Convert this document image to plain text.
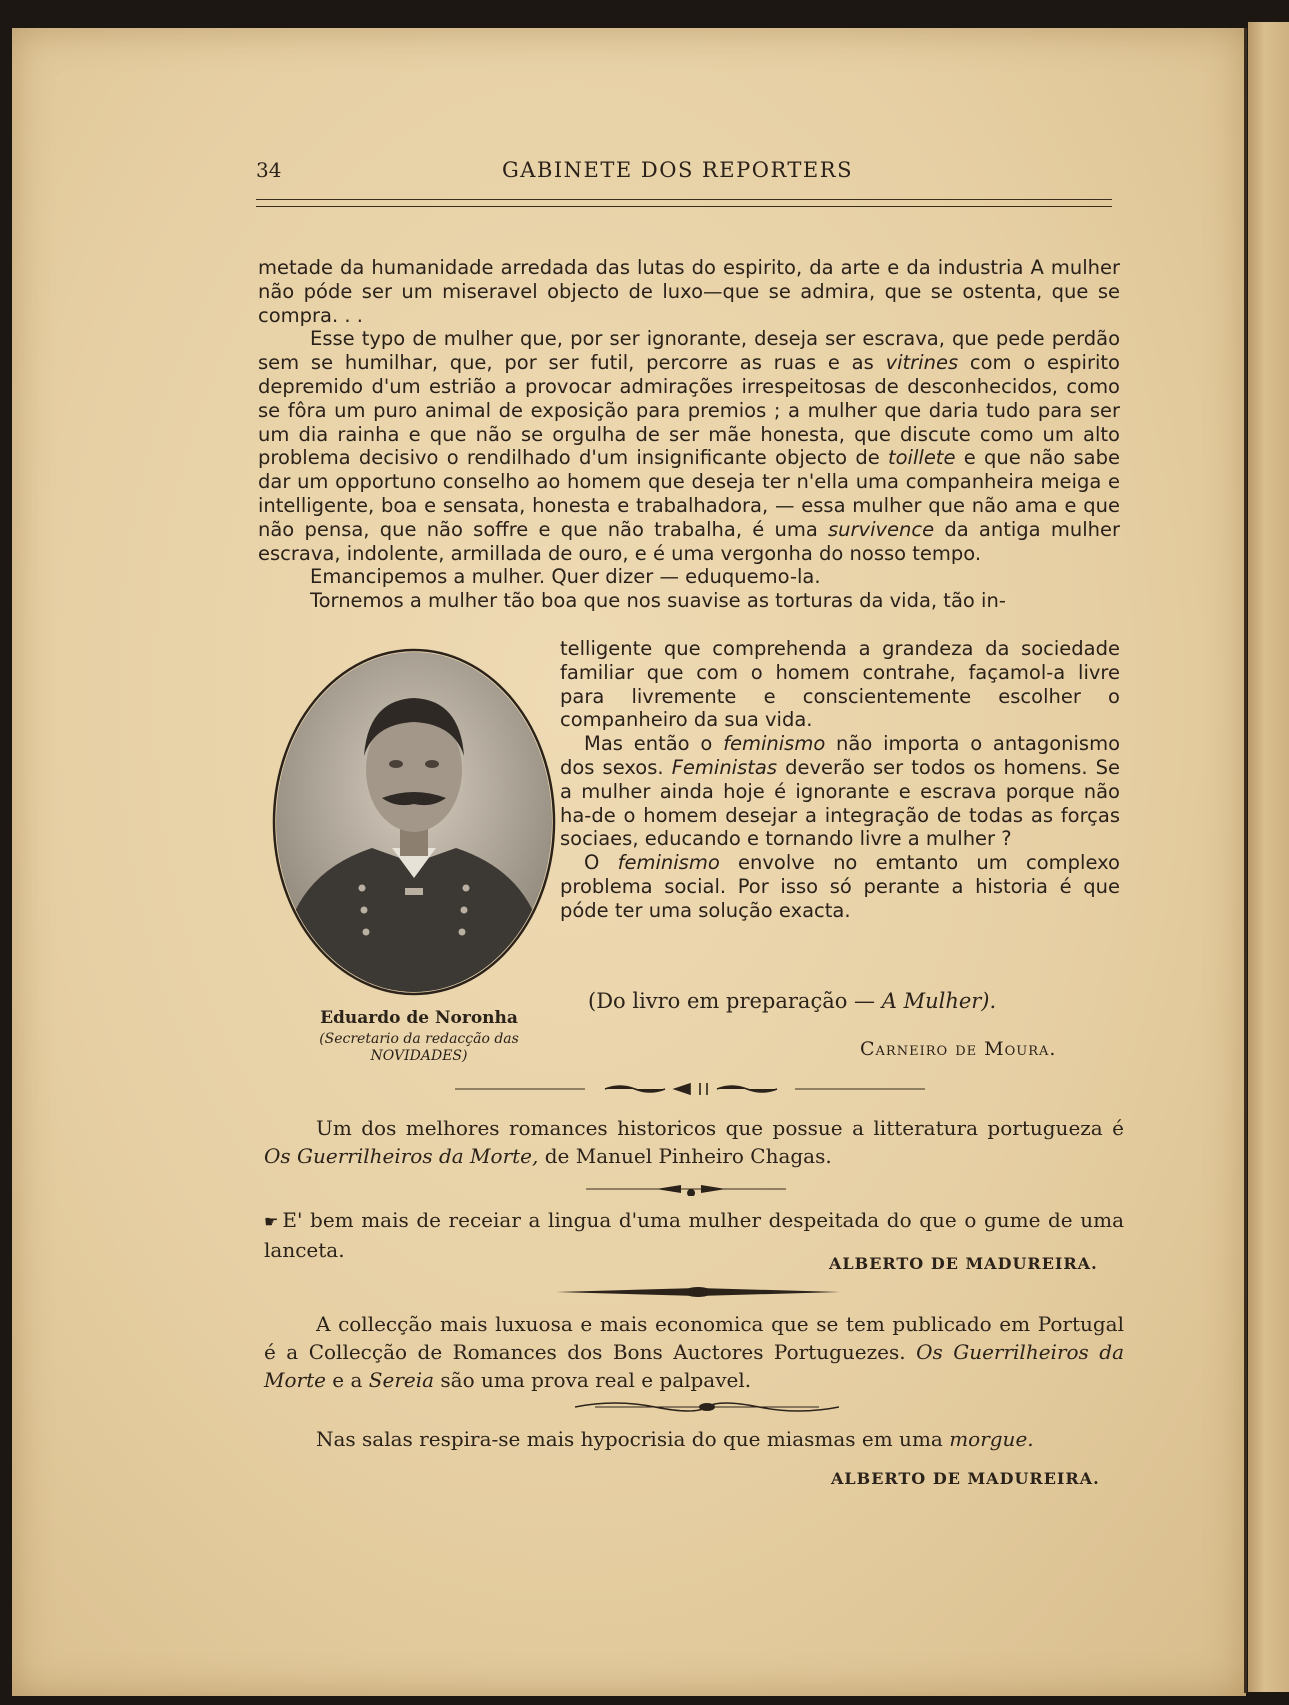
34	GABINETE DOS REPORTERS

metade da humanidade arredada das lutas do espirito, da arte e da industria A mulher não póde ser um miseravel objecto de luxo—que se admira, que se ostenta, que se compra. . .

Esse typo de mulher que, por ser ignorante, deseja ser escrava, que pede perdão sem se humilhar, que, por ser futil, percorre as ruas e as vitrines com o espirito depremido d'um estrião a provocar admirações irrespeitosas de desconhecidos, como se fôra um puro animal de exposição para premios ; a mulher que daria tudo para ser um dia rainha e que não se orgulha de ser mãe honesta, que discute como um alto problema decisivo o rendilhado d'um insignificante objecto de toillete e que não sabe dar um opportuno conselho ao homem que deseja ter n'ella uma companheira meiga e intelligente, boa e sensata, honesta e trabalhadora, — essa mulher que não ama e que não pensa, que não soffre e que não trabalha, é uma survivence da antiga mulher escrava, indolente, armillada de ouro, e é uma vergonha do nosso tempo.

Emancipemos a mulher. Quer dizer — eduquemo-la.

Tornemos a mulher tão boa que nos suavise as torturas da vida, tão in-

telligente que comprehenda a grandeza da sociedade familiar que com o homem contrahe, façamol-a livre para livremente e conscientemente escolher o companheiro da sua vida.

Mas então o feminismo não importa o antagonismo dos sexos. Feministas deverão ser todos os homens. Se a mulher ainda hoje é ignorante e escrava porque não ha-de o homem desejar a integração de todas as forças sociaes, educando e tornando livre a mulher ?

O feminismo envolve no emtanto um complexo problema social. Por isso só perante a historia é que póde ter uma solução exacta.

Eduardo de Noronha
(Secretario da redacção das
NOVIDADES)
(Do livro em preparação — A Mulher).
Carneiro de Moura.

Um dos melhores romances historicos que possue a litteratura portugueza é Os Guerrilheiros da Morte, de Manuel Pinheiro Chagas.

☛ E' bem mais de receiar a lingua d'uma mulher despeitada do que o gume de uma lanceta.

ALBERTO DE MADUREIRA.

A collecção mais luxuosa e mais economica que se tem publicado em Portugal é a Collecção de Romances dos Bons Auctores Portuguezes. Os Guerrilheiros da Morte e a Sereia são uma prova real e palpavel.

Nas salas respira-se mais hypocrisia do que miasmas em uma morgue.

ALBERTO DE MADUREIRA.
